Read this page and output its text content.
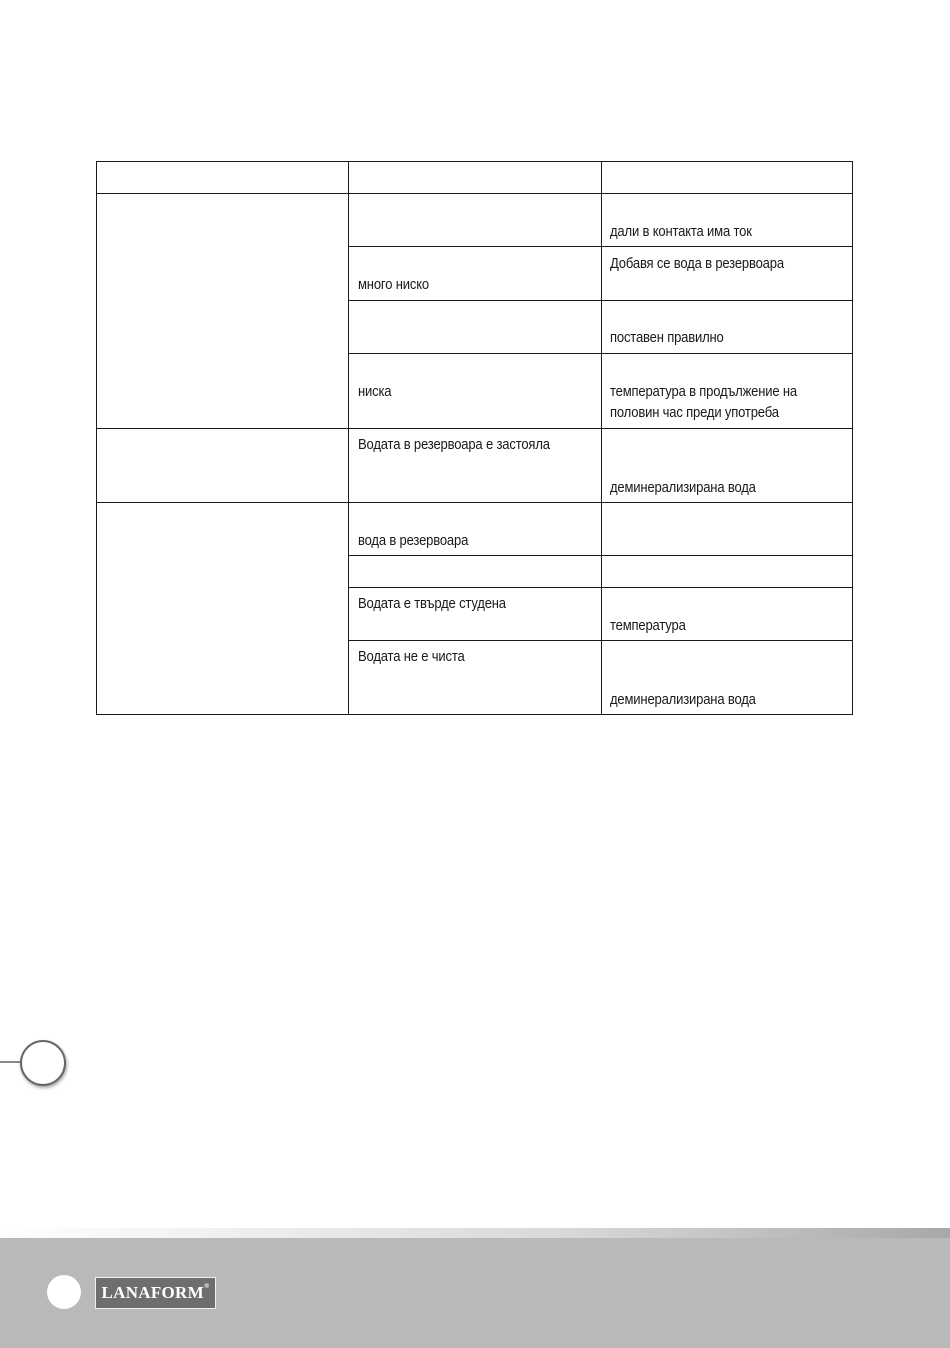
дали в контакта има ток
Добавя се вода в резервоара
много ниско
поставен правилно
ниска	температура в продължение на
половин час преди употреба
Водата в резервоара е застояла
деминерализирана вода
вода в резервоара
Водата е твърде студена
температура
Водата не е чиста
деминерализирана вода
LANAFORM®
